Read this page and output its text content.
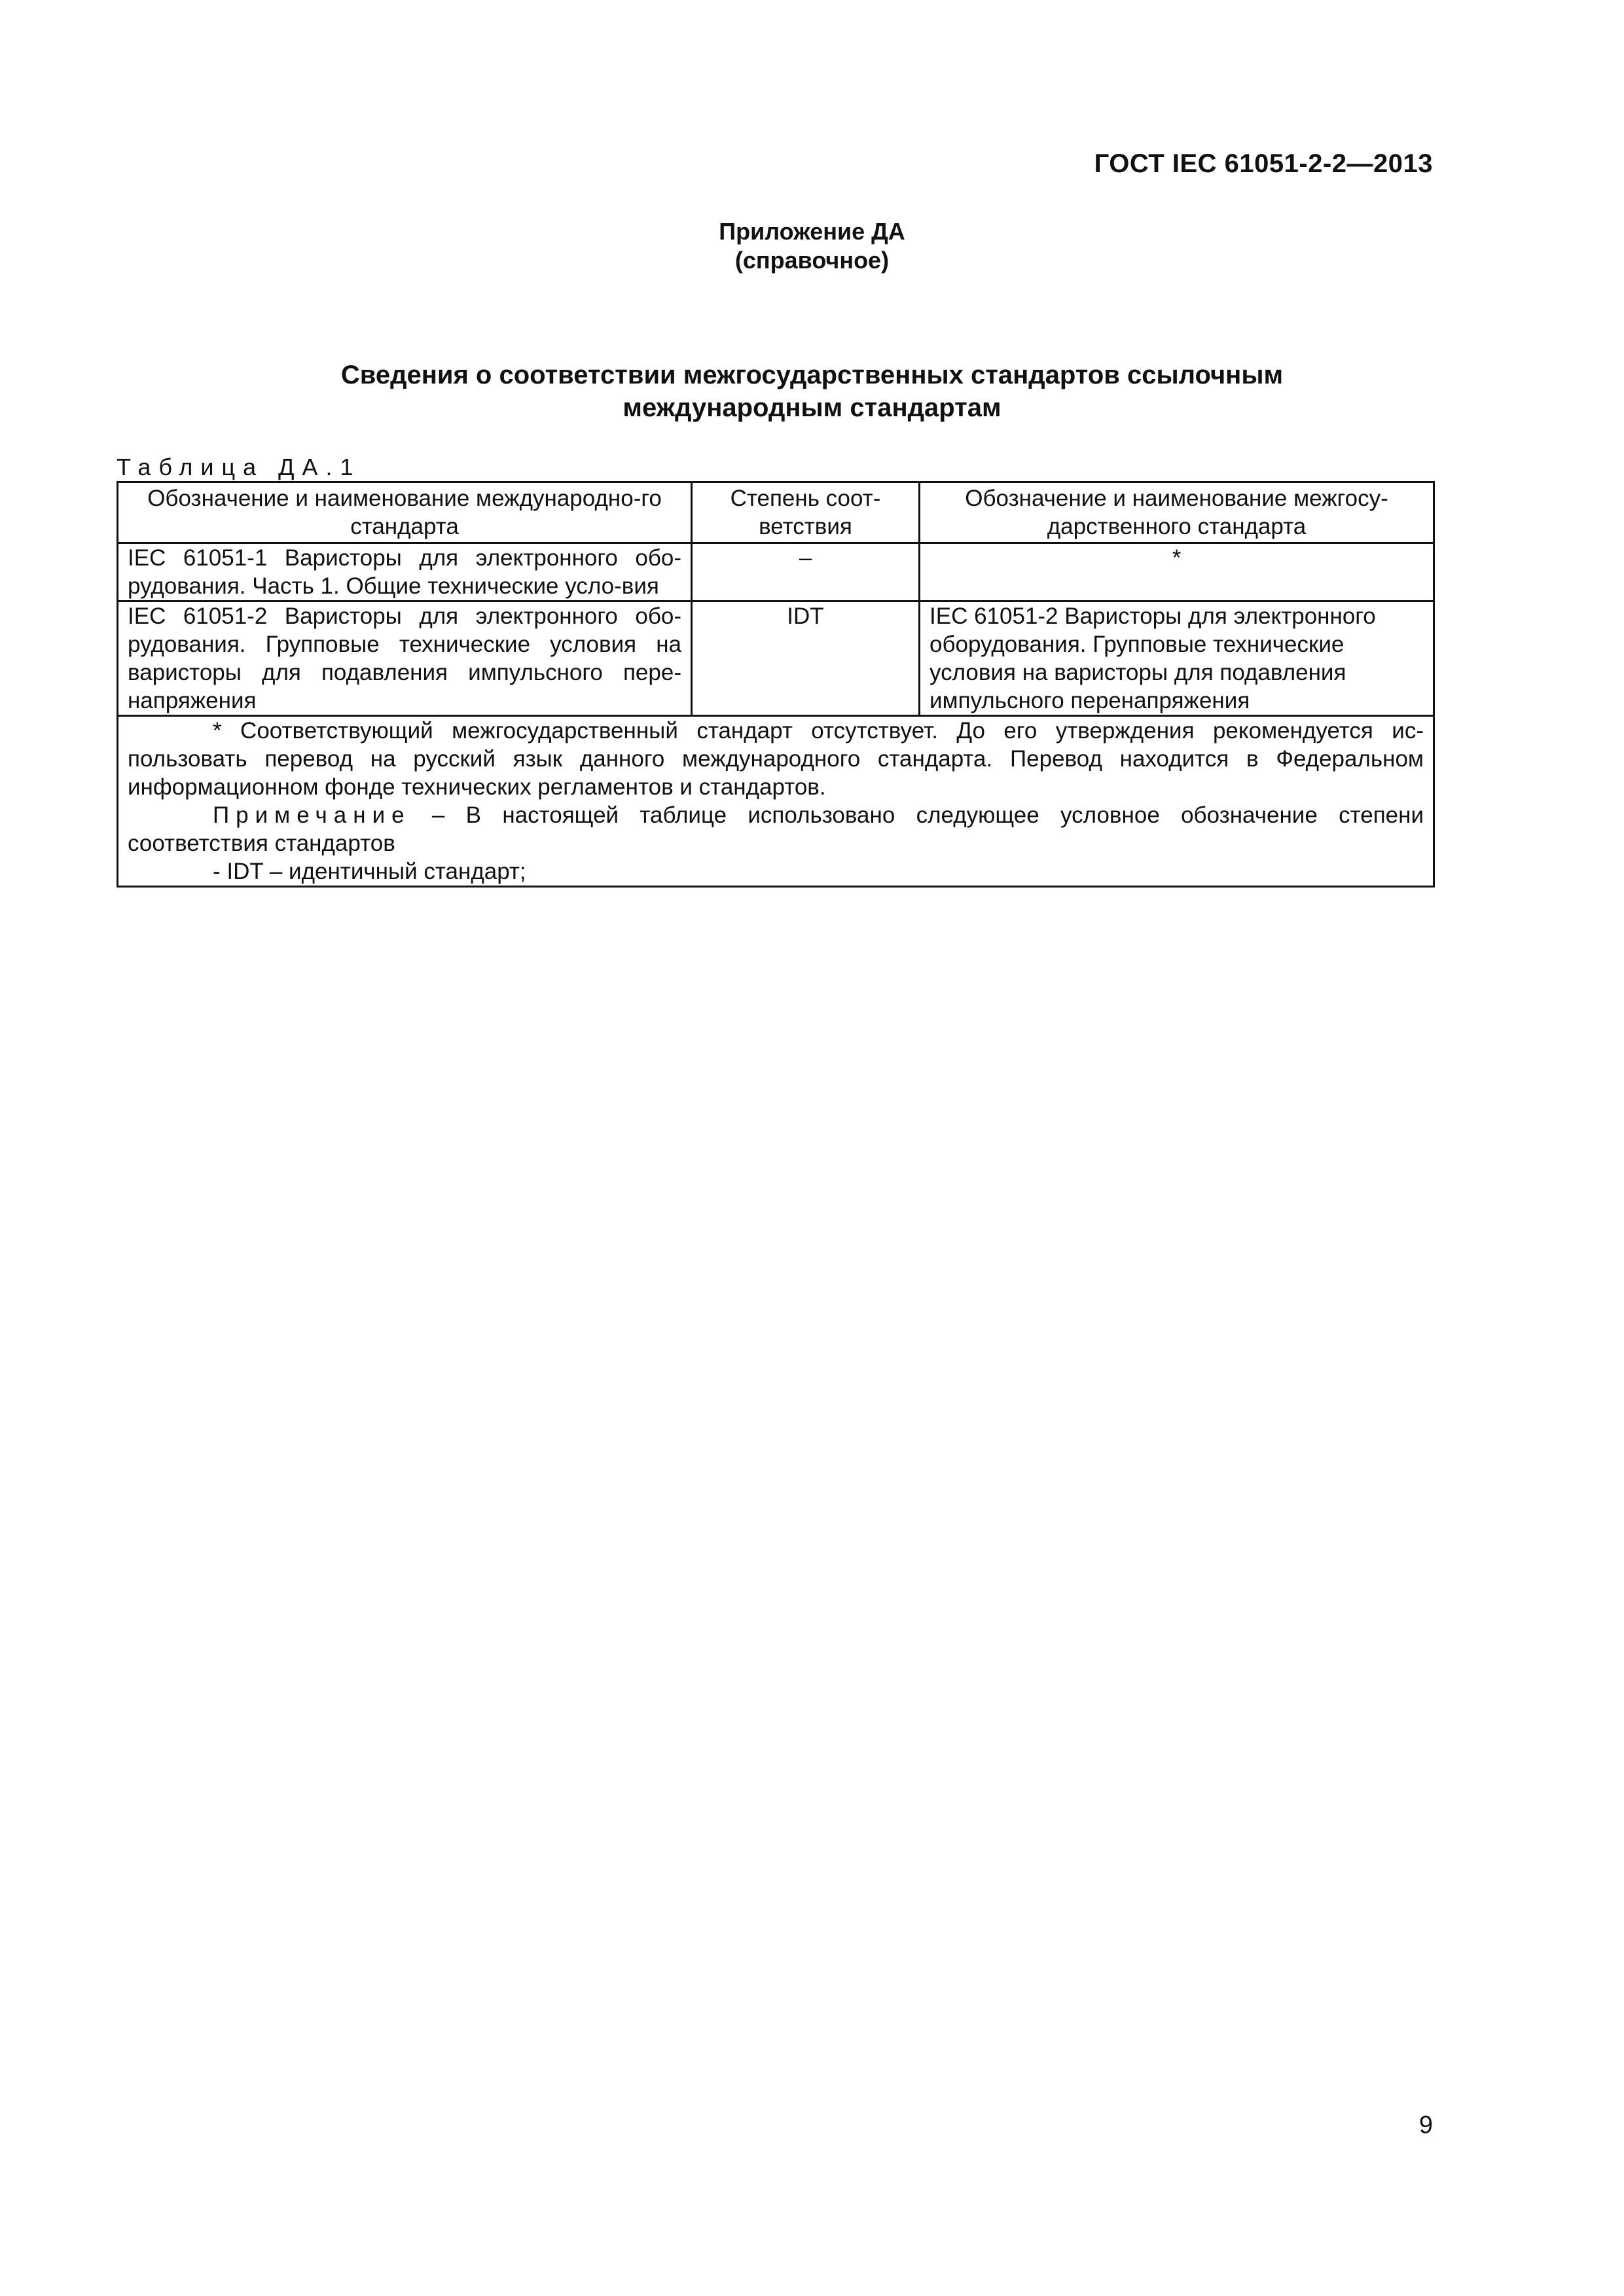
ГОСТ IEC 61051-2-2—2013
Приложение ДА
(справочное)
Сведения о соответствии межгосударственных стандартов ссылочным
международным стандартам
Таблица ДА.1
Обозначение и наименование международно-го стандарта	Степень соот-ветствия	Обозначение и наименование межгосу-дарственного стандарта
IEC 61051-1 Варисторы для электронного обо-рудования. Часть 1. Общие технические усло-вия	–	*
IEC 61051-2 Варисторы для электронного обо-рудования. Групповые технические условия на варисторы для подавления импульсного пере-напряжения	IDT	IEC 61051-2 Варисторы для электронного оборудования. Групповые технические условия на варисторы для подавления импульсного перенапряжения

* Соответствующий межгосударственный стандарт отсутствует. До его утверждения рекомендуется ис-пользовать перевод на русский язык данного международного стандарта. Перевод находится в Федеральном информационном фонде технических регламентов и стандартов.
Примечание – В настоящей таблице использовано следующее условное обозначение степени соответствия стандартов
- IDT – идентичный стандарт;		
9
